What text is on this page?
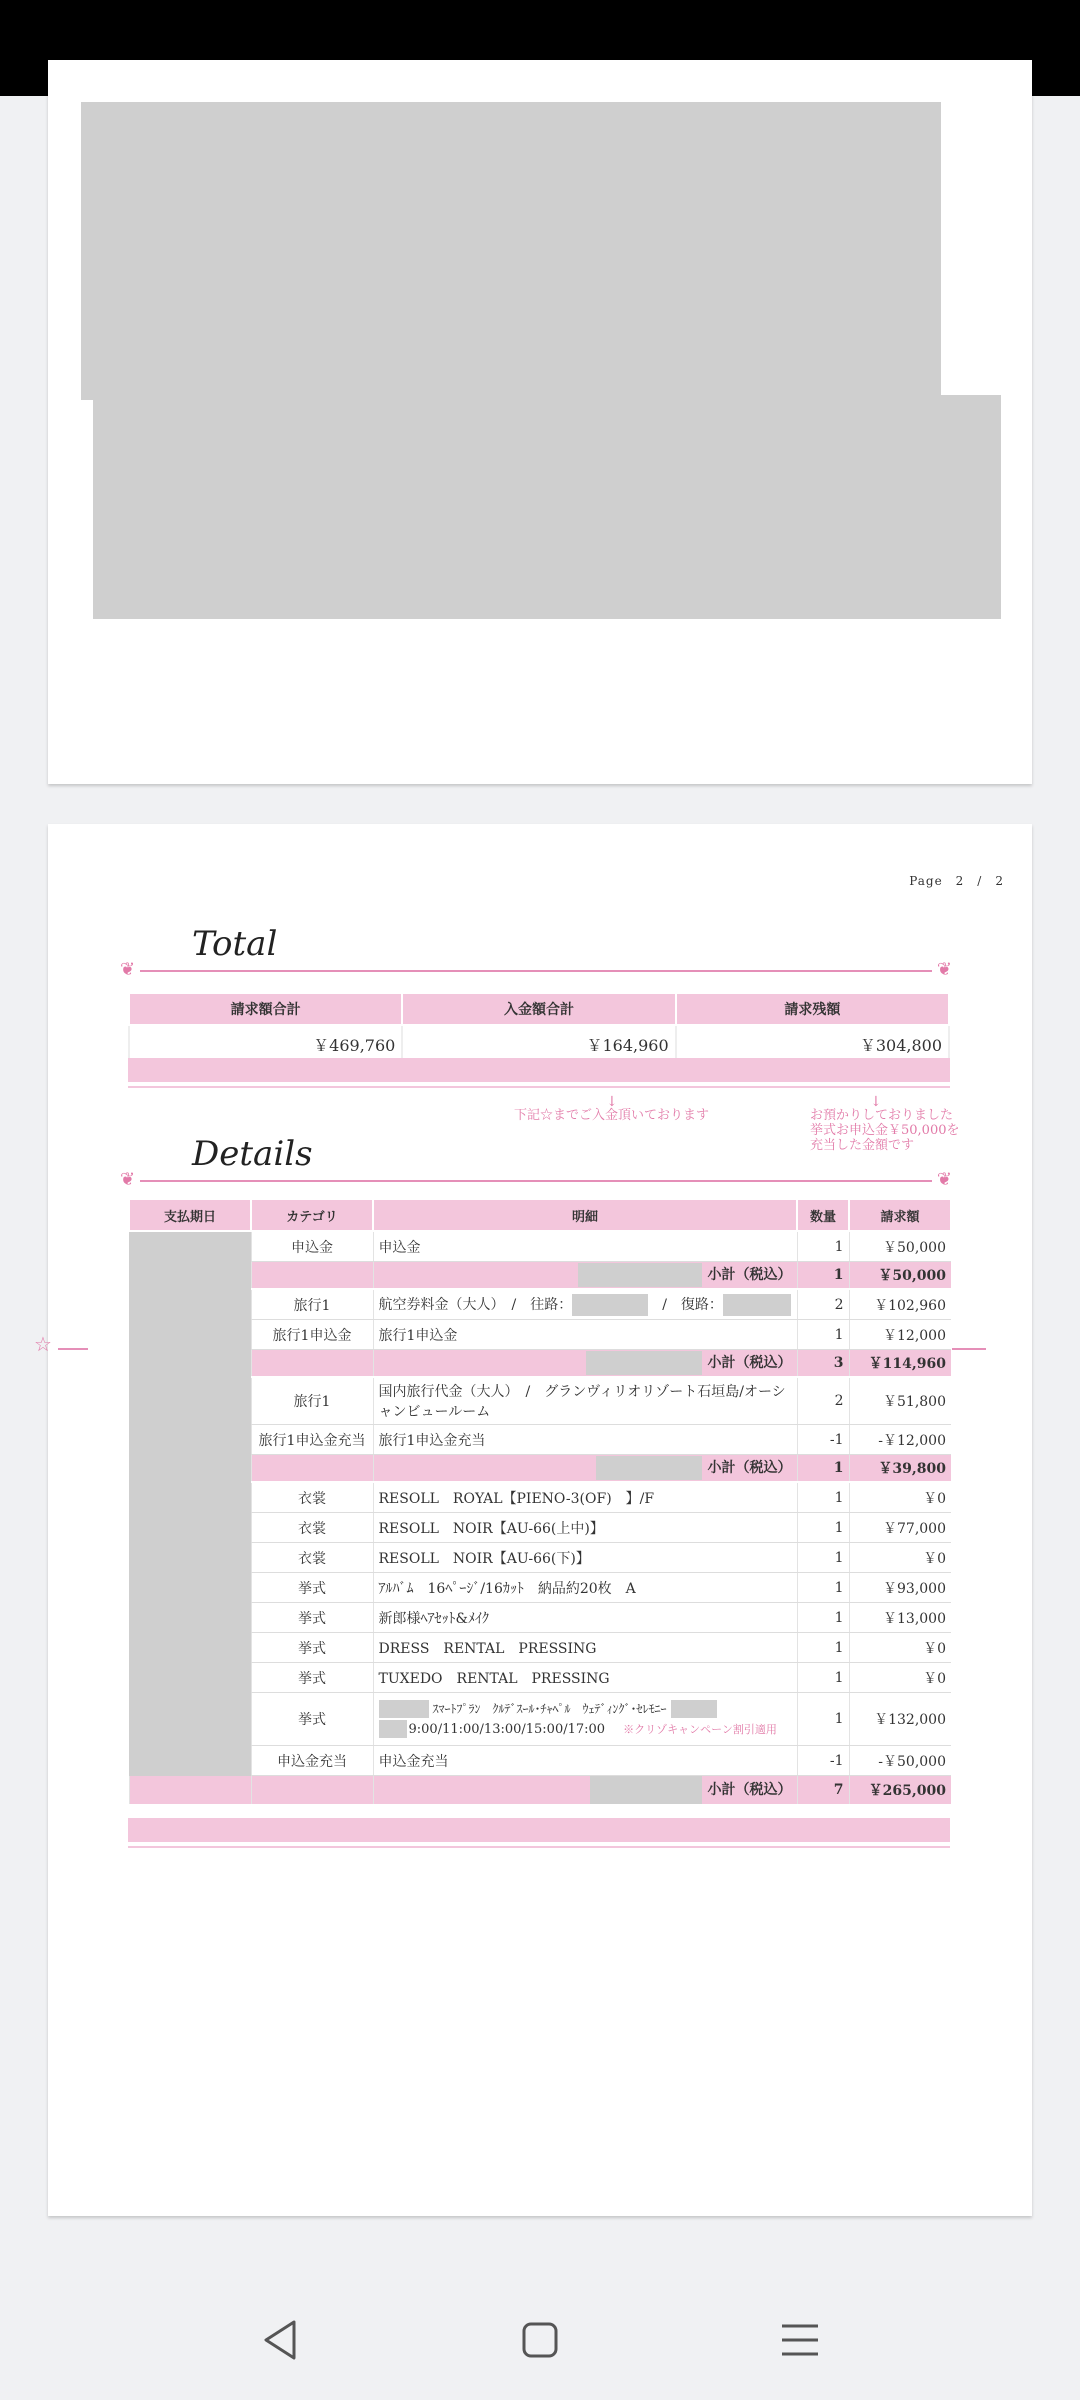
Page　2　/　2
❦
Total
❦
請求額合計	入金額合計	請求残額
￥469,760	￥164,960	￥304,800
↓
下記☆までご入金頂いております
↓
お預かりしておりました
挙式お申込金￥50,000を
充当した金額です
❦
Details
❦
支払期日	カテゴリ	明細	数量	請求額
	申込金	申込金	1	￥50,000
		小計（税込）	1	￥50,000
	旅行1	航空券料金（大人）　/　往路： 　/　復路：	2	￥102,960
	旅行1申込金	旅行1申込金	1	￥12,000
		小計（税込）	3	￥114,960
	旅行1	国内旅行代金（大人）　/　グランヴィリオリゾート石垣島/オーシャンビュールーム	2	￥51,800
	旅行1申込金充当	旅行1申込金充当	-1	-￥12,000
		小計（税込）	1	￥39,800
	衣裳	RESOLL　ROYAL【PIENO-3(OF)　】/F	1	￥0
	衣裳	RESOLL　NOIR【AU-66(上中)】	1	￥77,000
	衣裳	RESOLL　NOIR【AU-66(下)】	1	￥0
	挙式	ｱﾙﾊﾞﾑ　16ﾍﾟｰｼﾞ/16ｶｯﾄ　納品約20枚　A	1	￥93,000
	挙式	新郎様ﾍｱｾｯﾄ&ﾒｲｸ	1	￥13,000
	挙式	DRESS　RENTAL　PRESSING	1	￥0
	挙式	TUXEDO　RENTAL　PRESSING	1	￥0
	挙式	ｽﾏｰﾄﾌﾟﾗﾝ　ｸﾙﾃﾞｽｰﾙ･ﾁｬﾍﾟﾙ　ｳｪﾃﾞｨﾝｸﾞ･ｾﾚﾓﾆｰ
9:00/11:00/13:00/15:00/17:00 ※クリゾキャンペーン割引適用	1	￥132,000
	申込金充当	申込金充当	-1	-￥50,000
		小計（税込）	7	￥265,000
☆
